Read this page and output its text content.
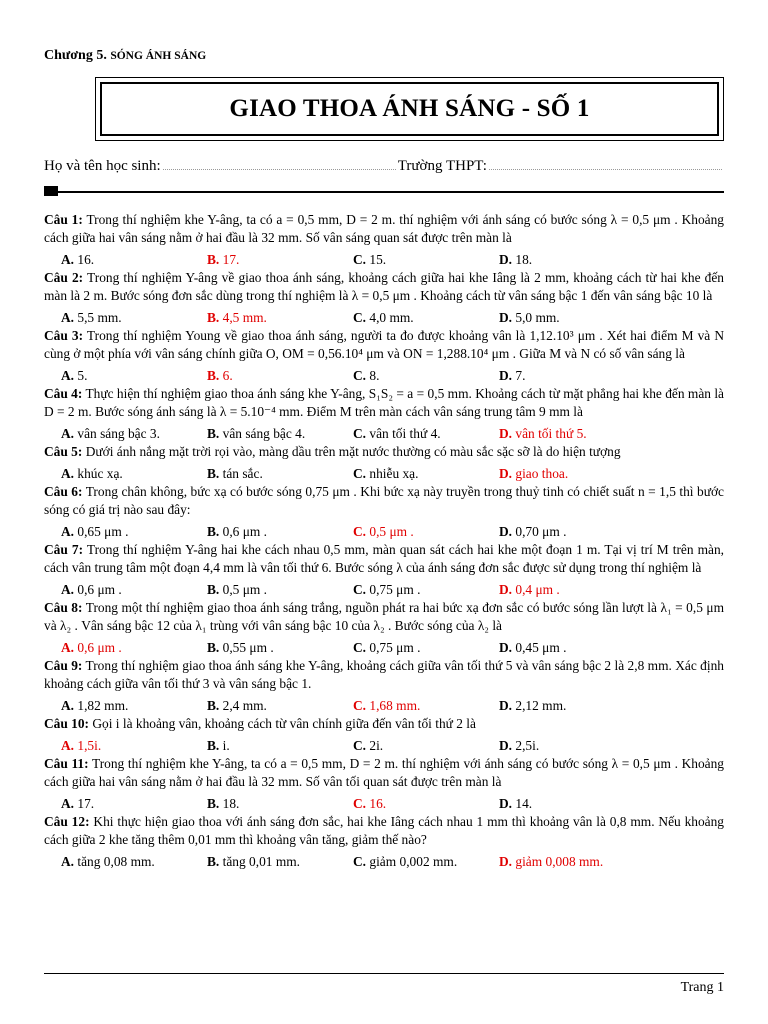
Chương 5. SÓNG ÁNH SÁNG
GIAO THOA ÁNH SÁNG - SỐ 1
Họ và tên học sinh:	Trường THPT:
Câu 1: Trong thí nghiệm khe Y-âng, ta có a = 0,5 mm, D = 2 m. thí nghiệm với ánh sáng có bước sóng λ = 0,5 μm . Khoảng cách giữa hai vân sáng nằm ở hai đầu là 32 mm. Số vân sáng quan sát được trên màn là
A. 16.	B. 17.	C. 15.	D. 18.
Câu 2: Trong thí nghiệm Y-âng về giao thoa ánh sáng, khoảng cách giữa hai khe Iâng là 2 mm, khoảng cách từ hai khe đến màn là 2 m. Bước sóng đơn sắc dùng trong thí nghiệm là λ = 0,5 μm . Khoảng cách từ vân sáng bậc 1 đến vân sáng bậc 10 là
A. 5,5 mm.	B. 4,5 mm.	C. 4,0 mm.	D. 5,0 mm.
Câu 3: Trong thí nghiệm Young về giao thoa ánh sáng, người ta đo được khoảng vân là 1,12.10³ μm . Xét hai điểm M và N cùng ở một phía với vân sáng chính giữa O, OM = 0,56.10⁴ μm và ON = 1,288.10⁴ μm . Giữa M và N có số vân sáng là
A. 5.	B. 6.	C. 8.	D. 7.
Câu 4: Thực hiện thí nghiệm giao thoa ánh sáng khe Y-âng, S₁S₂ = a = 0,5 mm. Khoảng cách từ mặt phẳng hai khe đến màn là D = 2 m. Bước sóng ánh sáng là λ = 5.10⁻⁴ mm. Điểm M trên màn cách vân sáng trung tâm 9 mm là
A. vân sáng bậc 3.	B. vân sáng bậc 4.	C. vân tối thứ 4.	D. vân tối thứ 5.
Câu 5: Dưới ánh nắng mặt trời rọi vào, màng dầu trên mặt nước thường có màu sắc sặc sỡ là do hiện tượng
A. khúc xạ.	B. tán sắc.	C. nhiễu xạ.	D. giao thoa.
Câu 6: Trong chân không, bức xạ có bước sóng 0,75 μm . Khi bức xạ này truyền trong thuỷ tinh có chiết suất n = 1,5 thì bước sóng có giá trị nào sau đây:
A. 0,65 μm .	B. 0,6 μm .	C. 0,5 μm .	D. 0,70 μm .
Câu 7: Trong thí nghiệm Y-âng hai khe cách nhau 0,5 mm, màn quan sát cách hai khe một đoạn 1 m. Tại vị trí M trên màn, cách vân trung tâm một đoạn 4,4 mm là vân tối thứ 6. Bước sóng λ của ánh sáng đơn sắc được sử dụng trong thí nghiệm là
A. 0,6 μm .	B. 0,5 μm .	C. 0,75 μm .	D. 0,4 μm .
Câu 8: Trong một thí nghiệm giao thoa ánh sáng trắng, nguồn phát ra hai bức xạ đơn sắc có bước sóng lần lượt là λ₁ = 0,5 μm và λ₂ . Vân sáng bậc 12 của λ₁ trùng với vân sáng bậc 10 của λ₂ . Bước sóng của λ₂ là
A. 0,6 μm .	B. 0,55 μm .	C. 0,75 μm .	D. 0,45 μm .
Câu 9: Trong thí nghiệm giao thoa ánh sáng khe Y-âng, khoảng cách giữa vân tối thứ 5 và vân sáng bậc 2 là 2,8 mm. Xác định khoảng cách giữa vân tối thứ 3 và vân sáng bậc 1.
A. 1,82 mm.	B. 2,4 mm.	C. 1,68 mm.	D. 2,12 mm.
Câu 10: Gọi i là khoảng vân, khoảng cách từ vân chính giữa đến vân tối thứ 2 là
A. 1,5i.	B. i.	C. 2i.	D. 2,5i.
Câu 11: Trong thí nghiệm khe Y-âng, ta có a = 0,5 mm, D = 2 m. thí nghiệm với ánh sáng có bước sóng λ = 0,5 μm . Khoảng cách giữa hai vân sáng nằm ở hai đầu là 32 mm. Số vân tối quan sát được trên màn là
A. 17.	B. 18.	C. 16.	D. 14.
Câu 12: Khi thực hiện giao thoa với ánh sáng đơn sắc, hai khe Iâng cách nhau 1 mm thì khoảng vân là 0,8 mm. Nếu khoảng cách giữa 2 khe tăng thêm 0,01 mm thì khoảng vân tăng, giảm thế nào?
A. tăng 0,08 mm.	B. tăng 0,01 mm.	C. giảm 0,002 mm.	D. giảm 0,008 mm.
Trang 1
